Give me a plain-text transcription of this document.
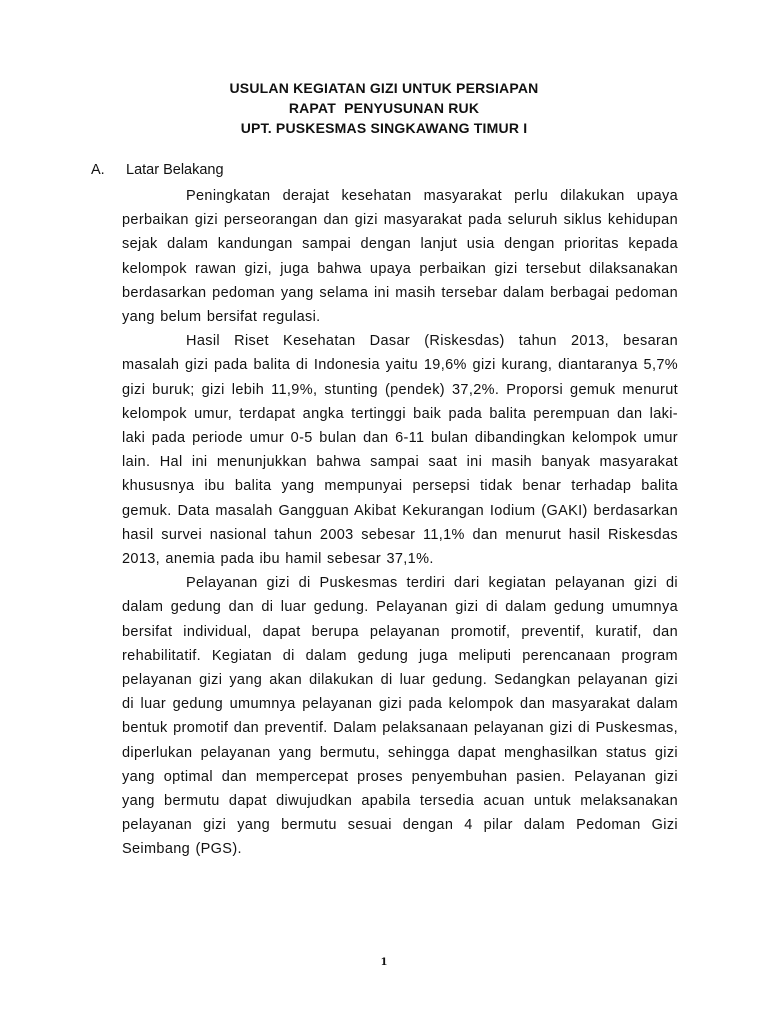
USULAN KEGIATAN GIZI UNTUK PERSIAPAN
RAPAT  PENYUSUNAN RUK
UPT. PUSKESMAS SINGKAWANG TIMUR I
A. Latar Belakang

Peningkatan derajat kesehatan masyarakat perlu dilakukan upaya perbaikan gizi perseorangan dan gizi masyarakat pada seluruh siklus kehidupan sejak dalam kandungan sampai dengan lanjut usia dengan prioritas kepada kelompok rawan gizi, juga bahwa upaya perbaikan gizi tersebut dilaksanakan berdasarkan pedoman yang selama ini masih tersebar dalam berbagai pedoman yang belum bersifat regulasi.

Hasil Riset Kesehatan Dasar (Riskesdas) tahun 2013, besaran masalah gizi pada balita di Indonesia yaitu 19,6% gizi kurang, diantaranya 5,7% gizi buruk; gizi lebih 11,9%, stunting (pendek) 37,2%. Proporsi gemuk menurut kelompok umur, terdapat angka tertinggi baik pada balita perempuan dan laki-laki pada periode umur 0-5 bulan dan 6-11 bulan dibandingkan kelompok umur lain. Hal ini menunjukkan bahwa sampai saat ini masih banyak masyarakat khususnya ibu balita yang mempunyai persepsi tidak benar terhadap balita gemuk. Data masalah Gangguan Akibat Kekurangan Iodium (GAKI) berdasarkan hasil survei nasional tahun 2003 sebesar 11,1% dan menurut hasil Riskesdas 2013, anemia pada ibu hamil sebesar 37,1%.

Pelayanan gizi di Puskesmas terdiri dari kegiatan pelayanan gizi di dalam gedung dan di luar gedung. Pelayanan gizi di dalam gedung umumnya bersifat individual, dapat berupa pelayanan promotif, preventif, kuratif, dan rehabilitatif. Kegiatan di dalam gedung juga meliputi perencanaan program pelayanan gizi yang akan dilakukan di luar gedung. Sedangkan pelayanan gizi di luar gedung umumnya pelayanan gizi pada kelompok dan masyarakat dalam bentuk promotif dan preventif. Dalam pelaksanaan pelayanan gizi di Puskesmas, diperlukan pelayanan yang bermutu, sehingga dapat menghasilkan status gizi yang optimal dan mempercepat proses penyembuhan pasien. Pelayanan gizi yang bermutu dapat diwujudkan apabila tersedia acuan untuk melaksanakan pelayanan gizi yang bermutu sesuai dengan 4 pilar dalam Pedoman Gizi Seimbang (PGS).

1
